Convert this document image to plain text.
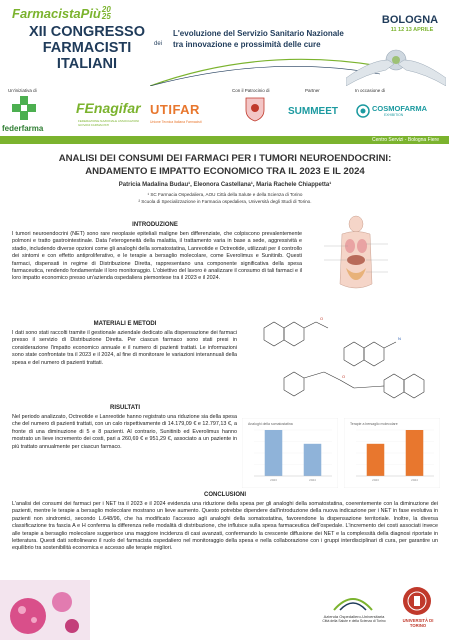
FarmacistaPiù20
25
XII CONGRESSO
FARMACISTI
ITALIANI
dei
L'evoluzione del Servizio Sanitario Nazionale tra innovazione e prossimità delle cure
BOLOGNA
11 12 13 APRILE
Un'iniziativa di
federfarma
FEnagifar
FEDERAZIONE NAZIONALE ASSOCIAZIONI GIOVANI FARMACISTI
UTIFAR
Unione Tecnica Italiana Farmacisti
Con il Patrocinio di	Partner
SUMMEET
In occasione di
COSMOFARMA
EXHIBITION
Centro Servizi - Bologna Fiere
ANALISI DEI CONSUMI DEI FARMACI PER I TUMORI NEUROENDOCRINI:
ANDAMENTO E IMPATTO ECONOMICO TRA IL 2023 E IL 2024
Patricia Madalina Budau¹, Eleonora Castellana¹, Maria Rachele Chiappetta¹
¹ SC Farmacia Ospedaliera, AOU Città della Salute e della Scienza di Torino
² Scuola di Specializzazione in Farmacia ospedaliera, Università degli Studi di Torino.
INTRODUZIONE
I tumori neuroendocrini (NET) sono rare neoplasie epiteliali maligne ben differenziate, che colpiscono prevalentemente polmoni e tratto gastrointestinale. Data l'eterogeneità della malattia, il trattamento varia in base a sede, aggressività e stadio, includendo diverse opzioni come gli analoghi della somatostatina, Lanreotide e Octreotide, utilizzati per il controllo dei sintomi e con effetto antiproliferativo, e le terapie a bersaglio molecolare, come Everolimus e Sunitinib. Questi farmaci, dispensati in regime di Distribuzione Diretta, rappresentano una componente significativa della spesa farmaceutica, rendendo fondamentale il loro monitoraggio. L'obiettivo del lavoro è analizzare il consumo di tali farmaci e il loro impatto economico presso un'azienda ospedaliera piemontese tra il 2023 e il 2024.
MATERIALI E METODI
I dati sono stati raccolti tramite il gestionale aziendale dedicato alla dispensazione dei farmaci presso il servizio di Distribuzione Diretta. Per ciascun farmaco sono stati presi in considerazione l'impatto economico annuale e il numero di pazienti trattati. Le informazioni sono state confrontate tra il 2023 e il 2024, al fine di monitorare le variazioni interannuali della spesa e del numero di pazienti trattati.
O
N
O
RISULTATI
Nel periodo analizzato, Octreotide e Lanreotide hanno registrato una riduzione sia della spesa che del numero di pazienti trattati, con un calo rispettivamente di 14.179,09 € e 12.797,13 €, a fronte di una diminuzione di 5 e 8 pazienti. Al contrario, Sunitinib ed Everolimus hanno mostrato un lieve incremento dei costi, pari a 260,69 € e 951,29 €, associato a un paziente in più trattato annualmente per ciascun farmaco.
Analoghi della somatostatina
2023	2024
Terapie a bersaglio molecolare
2023	2024
CONCLUSIONI
L'analisi dei consumi dei farmaci per i NET tra il 2023 e il 2024 evidenzia una riduzione della spesa per gli analoghi della somatostatina, coerentemente con la diminuzione dei pazienti, mentre le terapie a bersaglio molecolare mostrano un lieve aumento. Questo potrebbe dipendere dall'introduzione della nuova indicazione per i NET in fase evolutiva in pazienti non sindromici, secondo L.648/96, che ha modificato l'accesso agli analoghi della somatostatina, favorendone la dispensazione territoriale. Inoltre, la diversa classificazione tra fascia A e H conferma la differenza nelle modalità di distribuzione, che influisce sulla spesa farmaceutica dell'ospedale. L'incremento dei costi associati invece alle terapie a bersaglio molecolare suggerisce una maggiore incidenza di casi avanzati, confermando la crescente diffusione dei NET e la complessità della diagnosi riportate in letteratura. Questi dati sottolineano il ruolo del farmacista ospedaliero nel monitoraggio della spesa e nella collaborazione con i gruppi interdisciplinari di cura, per garantire un equilibrio tra sostenibilità economica e accesso alle terapie migliori.
Azienda Ospedaliero-Universitaria
Città della Salute e della Scienza di Torino	UNIVERSITÀ DI TORINO
